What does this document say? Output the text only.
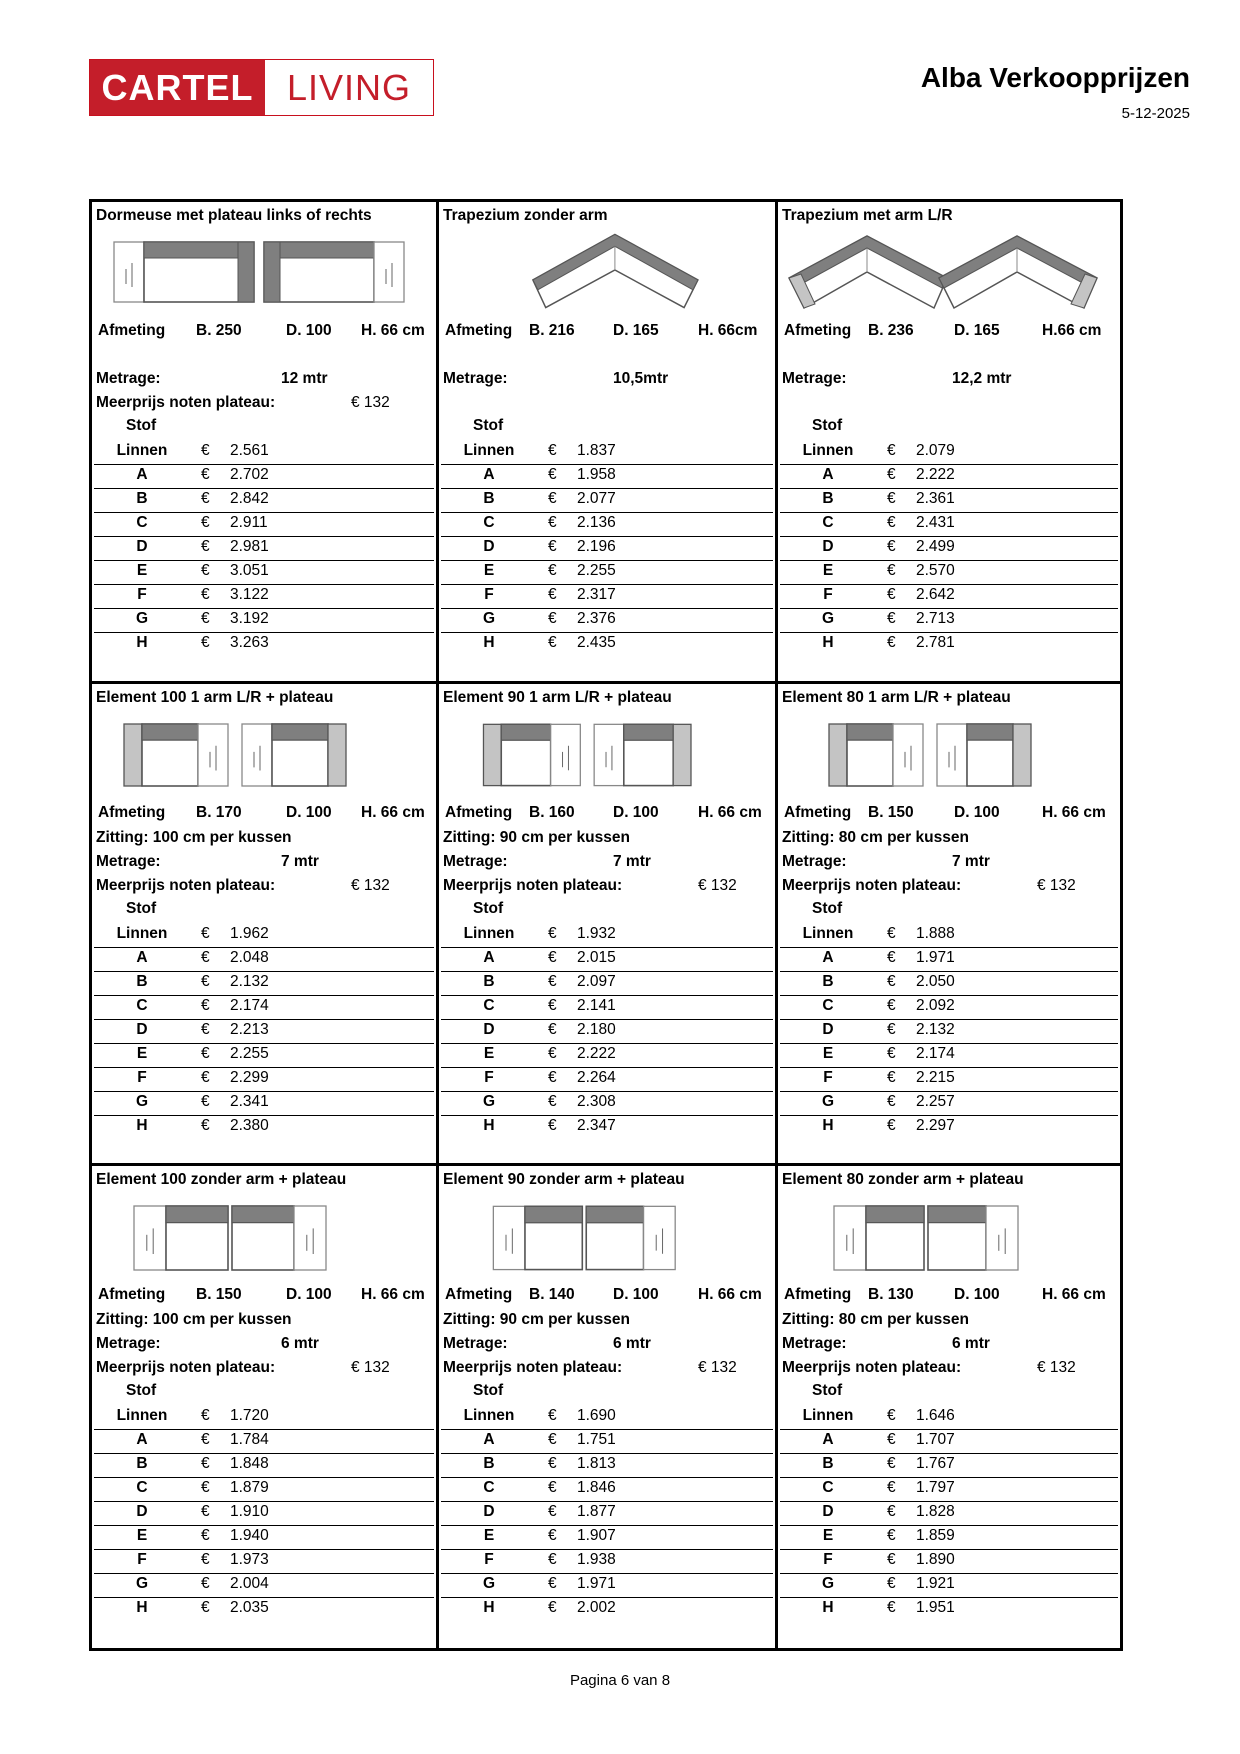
CARTEL LIVING	Alba Verkoopprijzen
5-12-2025
Dormeuse met plateau links of rechts
Afmeting B. 250	D. 100 H. 66 cm
Metrage:	12 mtr
Meerprijs noten plateau:	€ 132
Stof
Linnen	€ 2.561
A	€ 2.702
B	€ 2.842
C	€ 2.911
D	€ 2.981
E	€ 3.051
F	€ 3.122
G	€ 3.192
H	€ 3.263
Trapezium zonder arm
Afmeting B. 216 D. 165	H. 66cm
Metrage:	10,5mtr
Stof
Linnen	€ 1.837
A	€ 1.958
B	€ 2.077
C	€ 2.136
D	€ 2.196
E	€ 2.255
F	€ 2.317
G	€ 2.376
H	€ 2.435
Trapezium met arm L/R
Afmeting B. 236	D. 165	H.66 cm
Metrage:	12,2 mtr
Stof
Linnen	€ 2.079
A	€ 2.222
B	€ 2.361
C	€ 2.431
D	€ 2.499
E	€ 2.570
F	€ 2.642
G	€ 2.713
H	€ 2.781
Element 100 1 arm L/R + plateau
Afmeting B. 170	D. 100 H. 66 cm
Zitting: 100 cm per kussen
Metrage:	7 mtr
Meerprijs noten plateau:	€ 132
Stof
Linnen	€ 1.962
A	€ 2.048
B	€ 2.132
C	€ 2.174
D	€ 2.213
E	€ 2.255
F	€ 2.299
G	€ 2.341
H	€ 2.380
Element 90 1 arm L/R + plateau
Afmeting B. 160 D. 100	H. 66 cm
Zitting: 90 cm per kussen
Metrage:	7 mtr
Meerprijs noten plateau:	€ 132
Stof
Linnen	€ 1.932
A	€ 2.015
B	€ 2.097
C	€ 2.141
D	€ 2.180
E	€ 2.222
F	€ 2.264
G	€ 2.308
H	€ 2.347
Element 80 1 arm L/R + plateau
Afmeting B. 150	D. 100	H. 66 cm
Zitting: 80 cm per kussen
Metrage:	7 mtr
Meerprijs noten plateau:	€ 132
Stof
Linnen	€ 1.888
A	€ 1.971
B	€ 2.050
C	€ 2.092
D	€ 2.132
E	€ 2.174
F	€ 2.215
G	€ 2.257
H	€ 2.297
Element 100 zonder arm + plateau
Afmeting B. 150	D. 100 H. 66 cm
Zitting: 100 cm per kussen
Metrage:	6 mtr
Meerprijs noten plateau:	€ 132
Stof
Linnen	€ 1.720
A	€ 1.784
B	€ 1.848
C	€ 1.879
D	€ 1.910
E	€ 1.940
F	€ 1.973
G	€ 2.004
H	€ 2.035
Element 90 zonder arm + plateau
Afmeting B. 140 D. 100	H. 66 cm
Zitting: 90 cm per kussen
Metrage:	6 mtr
Meerprijs noten plateau:	€ 132
Stof
Linnen	€ 1.690
A	€ 1.751
B	€ 1.813
C	€ 1.846
D	€ 1.877
E	€ 1.907
F	€ 1.938
G	€ 1.971
H	€ 2.002
Element 80 zonder arm + plateau
Afmeting B. 130	D. 100	H. 66 cm
Zitting: 80 cm per kussen
Metrage:	6 mtr
Meerprijs noten plateau:	€ 132
Stof
Linnen	€ 1.646
A	€ 1.707
B	€ 1.767
C	€ 1.797
D	€ 1.828
E	€ 1.859
F	€ 1.890
G	€ 1.921
H	€ 1.951
Pagina 6 van 8
